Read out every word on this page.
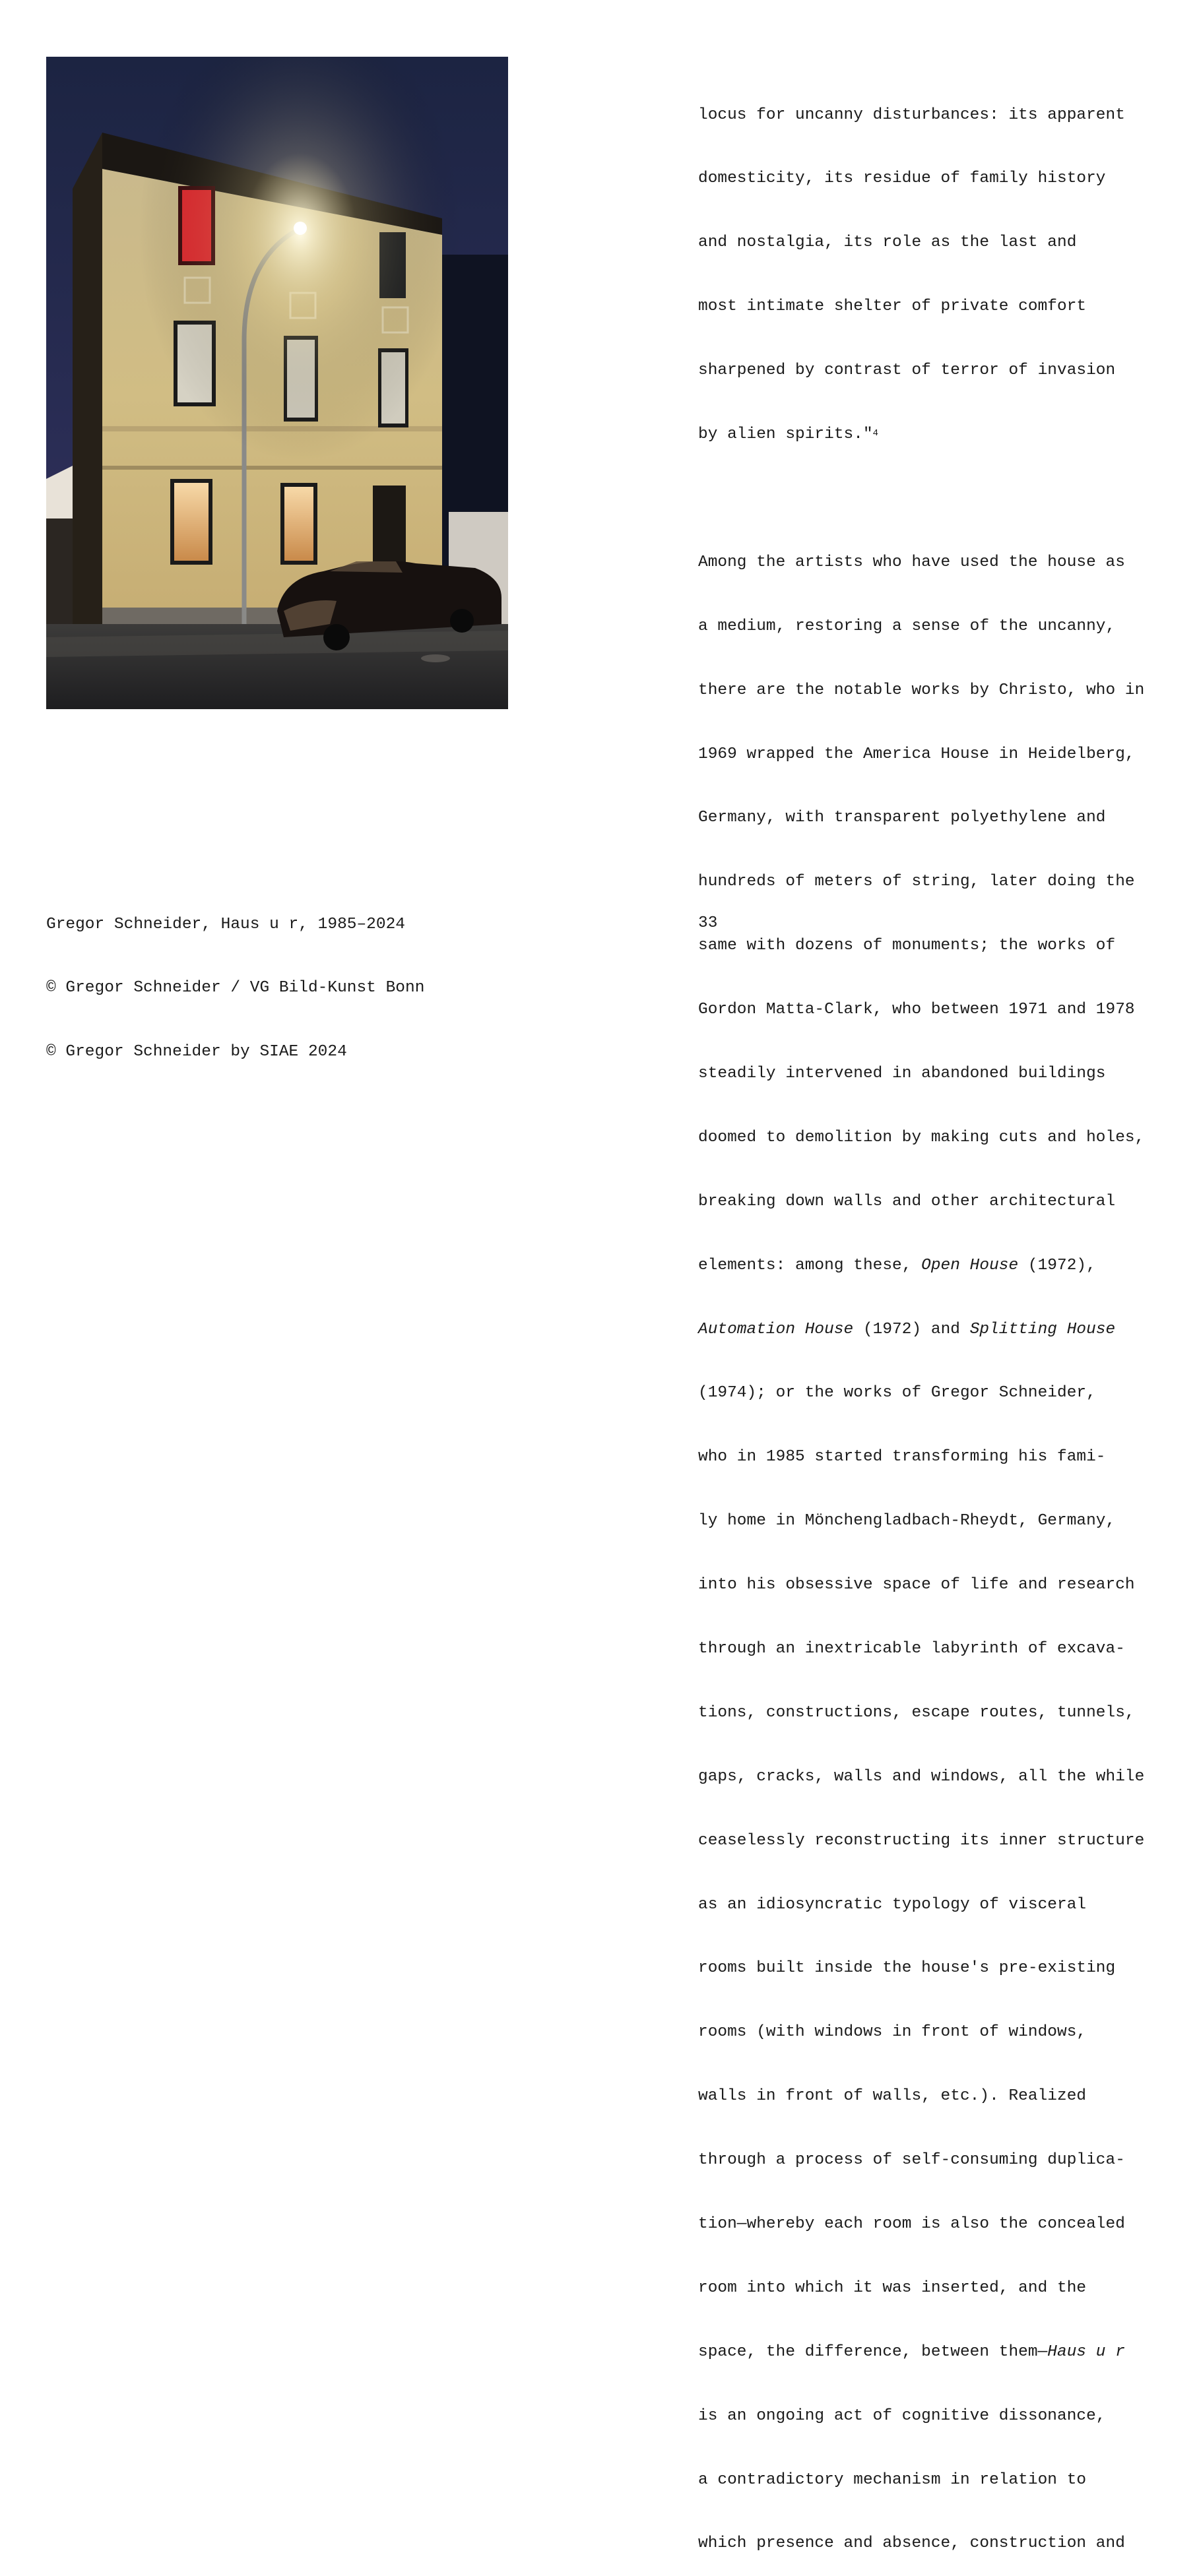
Gregor Schneider, Haus u r, 1985–2024

© Gregor Schneider / VG Bild-Kunst Bonn

© Gregor Schneider by SIAE 2024

locus for uncanny disturbances: its apparent

domesticity, its residue of family history

and nostalgia, its role as the last and

most intimate shelter of private comfort

sharpened by contrast of terror of invasion

by alien spirits."$^4$

Among the artists who have used the house as

a medium, restoring a sense of the uncanny,

there are the notable works by Christo, who in

1969 wrapped the America House in Heidelberg,

Germany, with transparent polyethylene and

hundreds of meters of string, later doing the

same with dozens of monuments; the works of

Gordon Matta-Clark, who between 1971 and 1978

steadily intervened in abandoned buildings

doomed to demolition by making cuts and holes,

breaking down walls and other architectural

elements: among these, Open House (1972),

Automation House (1972) and Splitting House

(1974); or the works of Gregor Schneider,

who in 1985 started transforming his fami-

ly home in Mönchengladbach-Rheydt, Germany,

into his obsessive space of life and research

through an inextricable labyrinth of excava-

tions, constructions, escape routes, tunnels,

gaps, cracks, walls and windows, all the while

ceaselessly reconstructing its inner structure

as an idiosyncratic typology of visceral

rooms built inside the house's pre-existing

rooms (with windows in front of windows,

walls in front of walls, etc.). Realized

through a process of self-consuming duplica-

tion—whereby each room is also the concealed

room into which it was inserted, and the

space, the difference, between them—Haus u r

is an ongoing act of cognitive dissonance,

a contradictory mechanism in relation to

which presence and absence, construction and

33
